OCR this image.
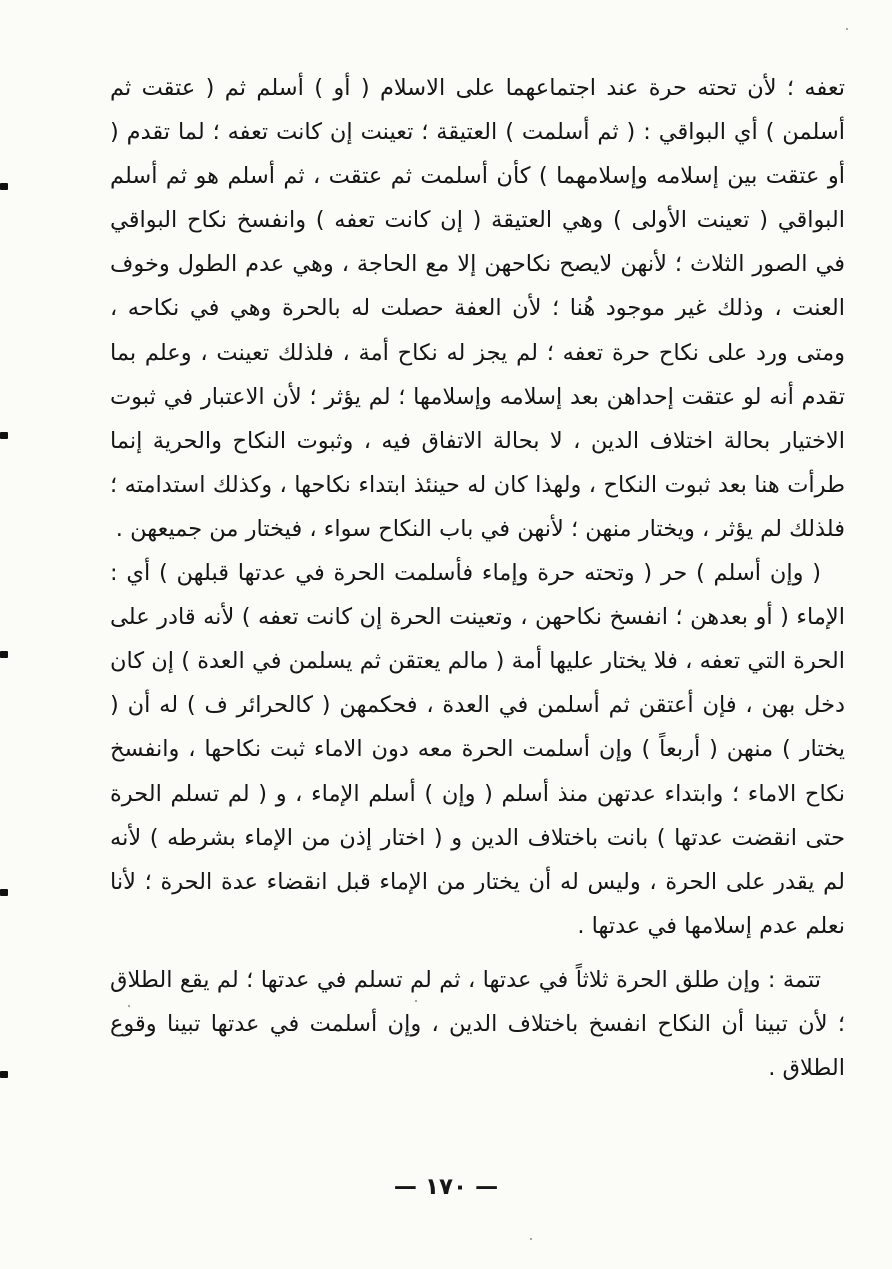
تعفه ؛ لأن تحته حرة عند اجتماعهما على الاسلام ( أو ) أسلم ثم ( عتقت ثم أسلمن ) أي البواقي : ( ثم أسلمت ) العتيقة ؛ تعينت إن كانت تعفه ؛ لما تقدم ( أو عتقت بين إسلامه وإسلامهما ) كأن أسلمت ثم عتقت ، ثم أسلم هو ثم أسلم البواقي ( تعينت الأولى ) وهي العتيقة ( إن كانت تعفه ) وانفسخ نكاح البواقي في الصور الثلاث ؛ لأنهن لايصح نكاحهن إلا مع الحاجة ، وهي عدم الطول وخوف العنت ، وذلك غير موجود هُنا ؛ لأن العفة حصلت له بالحرة وهي في نكاحه ، ومتى ورد على نكاح حرة تعفه ؛ لم يجز له نكاح أمة ، فلذلك تعينت ، وعلم بما تقدم أنه لو عتقت إحداهن بعد إسلامه وإسلامها ؛ لم يؤثر ؛ لأن الاعتبار في ثبوت الاختيار بحالة اختلاف الدين ، لا بحالة الاتفاق فيه ، وثبوت النكاح والحرية إنما طرأت هنا بعد ثبوت النكاح ، ولهذا كان له حينئذ ابتداء نكاحها ، وكذلك استدامته ؛ فلذلك لم يؤثر ، ويختار منهن ؛ لأنهن في باب النكاح سواء ، فيختار من جميعهن .

( وإن أسلم ) حر ( وتحته حرة وإماء فأسلمت الحرة في عدتها قبلهن ) أي : الإماء ( أو بعدهن ؛ انفسخ نكاحهن ، وتعينت الحرة إن كانت تعفه ) لأنه قادر على الحرة التي تعفه ، فلا يختار عليها أمة ( مالم يعتقن ثم يسلمن في العدة ) إن كان دخل بهن ، فإن أعتقن ثم أسلمن في العدة ، فحكمهن ( كالحرائر ف ) له أن ( يختار ) منهن ( أربعاً ) وإن أسلمت الحرة معه دون الاماء ثبت نكاحها ، وانفسخ نكاح الاماء ؛ وابتداء عدتهن منذ أسلم ( وإن ) أسلم الإماء ، و ( لم تسلم الحرة حتى انقضت عدتها ) بانت باختلاف الدين و ( اختار إذن من الإماء بشرطه ) لأنه لم يقدر على الحرة ، وليس له أن يختار من الإماء قبل انقضاء عدة الحرة ؛ لأنا نعلم عدم إسلامها في عدتها .

تتمة : وإن طلق الحرة ثلاثاً في عدتها ، ثم لم تسلم في عدتها ؛ لم يقع الطلاق ؛ لأن تبينا أن النكاح انفسخ باختلاف الدين ، وإن أسلمت في عدتها تبينا وقوع الطلاق .

— ١٧٠ —
